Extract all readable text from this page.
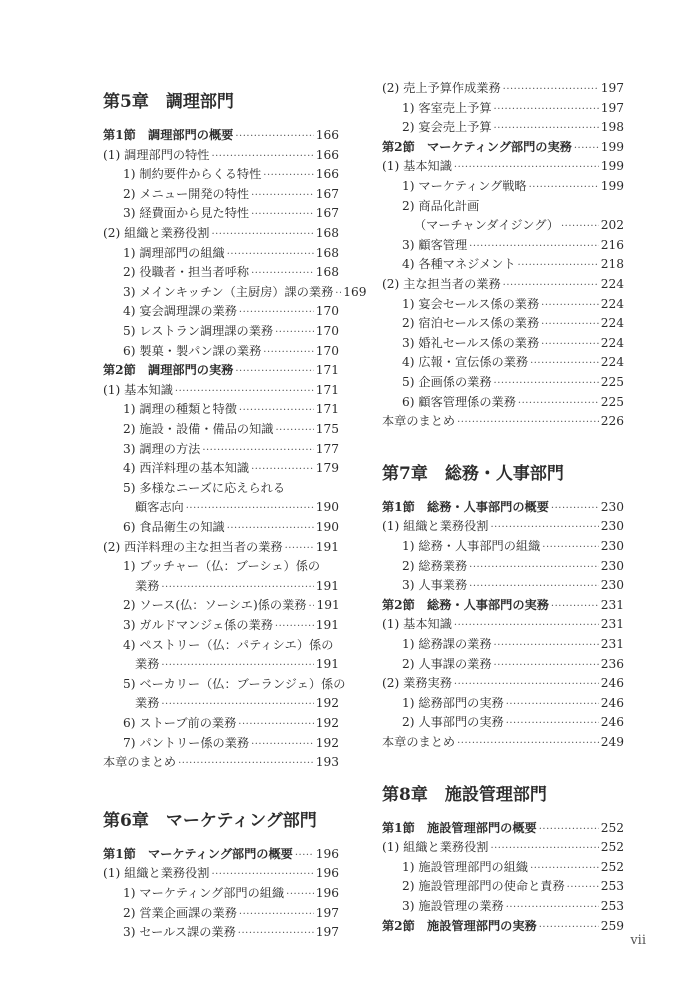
第5章　調理部門
第1節　調理部門の概要 ·····	166
(1) 調理部門の特性 ·····	166
1) 制約要件からくる特性 ·····	166
2) メニュー開発の特性 ·····	167
3) 経費面から見た特性 ·····	167
(2) 組織と業務役割 ·····	168
1) 調理部門の組織 ·····	168
2) 役職者・担当者呼称 ·····	168
3) メインキッチン（主厨房）課の業務 ····· 169
4) 宴会調理課の業務 ·····	170
5) レストラン調理課の業務 ·····	170
6) 製菓・製パン課の業務 ·····	170
第2節　調理部門の実務 ·····	171
(1) 基本知識 ·····	171
1) 調理の種類と特徴 ·····	171
2) 施設・設備・備品の知識 ·····	175
3) 調理の方法 ·····	177
4) 西洋料理の基本知識 ·····	179
5) 多様なニーズに応えられる
顧客志向 ·····	190
6) 食品衛生の知識 ·····	190
(2) 西洋料理の主な担当者の業務 ·····	191
1) ブッチャー（仏：ブーシェ）係の
業務 ·····	191
2) ソース(仏：ソーシエ)係の業務 ····· 191
3) ガルドマンジェ係の業務 ·····	191
4) ペストリー（仏：パティシエ）係の
業務 ·····	191
5) ベーカリー（仏：ブーランジェ）係の
業務 ·····	192
6) ストーブ前の業務 ·····	192
7) パントリー係の業務 ·····	192
本章のまとめ ·····	193
第6章　マーケティング部門
第1節　マーケティング部門の概要 ····· 196
(1) 組織と業務役割 ·····	196
1) マーケティング部門の組織 ·····	196
2) 営業企画課の業務 ·····	197
3) セールス課の業務 ·····	197
(2) 売上予算作成業務 ·····	197
1) 客室売上予算 ·····	197
2) 宴会売上予算 ·····	198
第2節　マーケティング部門の実務 ····· 199
(1) 基本知識 ·····	199
1) マーケティング戦略 ·····	199
2) 商品化計画
（マーチャンダイジング） ·····	202
3) 顧客管理 ·····	216
4) 各種マネジメント ·····	218
(2) 主な担当者の業務 ·····	224
1) 宴会セールス係の業務 ·····	224
2) 宿泊セールス係の業務 ·····	224
3) 婚礼セールス係の業務 ·····	224
4) 広報・宣伝係の業務 ·····	224
5) 企画係の業務 ·····	225
6) 顧客管理係の業務 ·····	225
本章のまとめ ·····	226
第7章　総務・人事部門
第1節　総務・人事部門の概要 ·····	230
(1) 組織と業務役割 ·····	230
1) 総務・人事部門の組織 ·····	230
2) 総務業務 ·····	230
3) 人事業務 ·····	230
第2節　総務・人事部門の実務 ·····	231
(1) 基本知識 ·····	231
1) 総務課の業務 ·····	231
2) 人事課の業務 ·····	236
(2) 業務実務 ·····	246
1) 総務部門の実務 ·····	246
2) 人事部門の実務 ·····	246
本章のまとめ ·····	249
第8章　施設管理部門
第1節　施設管理部門の概要 ·····	252
(1) 組織と業務役割 ·····	252
1) 施設管理部門の組織 ·····	252
2) 施設管理部門の使命と責務 ·····	253
3) 施設管理の業務 ·····	253
第2節　施設管理部門の実務 ·····	259
vii
